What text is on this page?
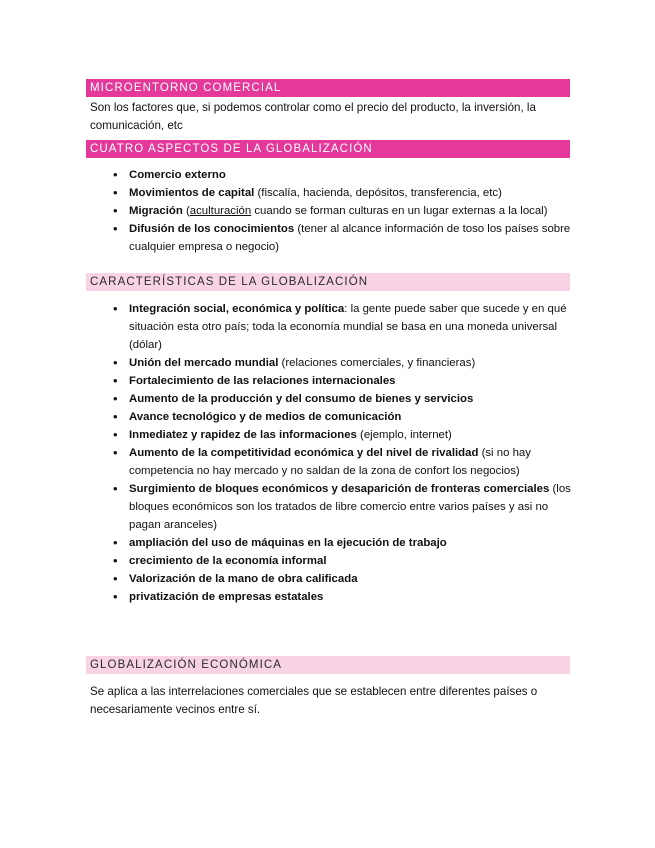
MICROENTORNO COMERCIAL

Son los factores que, si podemos controlar como el precio del producto, la inversión, la comunicación, etc

CUATRO ASPECTOS DE LA GLOBALIZACIÓN
• Comercio externo
• Movimientos de capital (fiscalía, hacienda, depósitos, transferencia, etc)
• Migración (aculturación cuando se forman culturas en un lugar externas a la local)
• Difusión de los conocimientos (tener al alcance información de toso los países sobre cualquier empresa o negocio)
CARACTERÍSTICAS DE LA GLOBALIZACIÓN
• Integración social, económica y política: la gente puede saber que sucede y en qué situación esta otro país; toda la economía mundial se basa en una moneda universal (dólar)
• Unión del mercado mundial (relaciones comerciales, y financieras)
• Fortalecimiento de las relaciones internacionales
• Aumento de la producción y del consumo de bienes y servicios
• Avance tecnológico y de medios de comunicación
• Inmediatez y rapidez de las informaciones (ejemplo, internet)
• Aumento de la competitividad económica y del nivel de rivalidad (si no hay competencia no hay mercado y no saldan de la zona de confort los negocios)
• Surgimiento de bloques económicos y desaparición de fronteras comerciales (los bloques económicos son los tratados de libre comercio entre varios países y asi no pagan aranceles)
• ampliación del uso de máquinas en la ejecución de trabajo
• crecimiento de la economía informal
• Valorización de la mano de obra calificada
• privatización de empresas estatales
GLOBALIZACIÓN ECONÓMICA

Se aplica a las interrelaciones comerciales que se establecen entre diferentes países o necesariamente vecinos entre sí.
